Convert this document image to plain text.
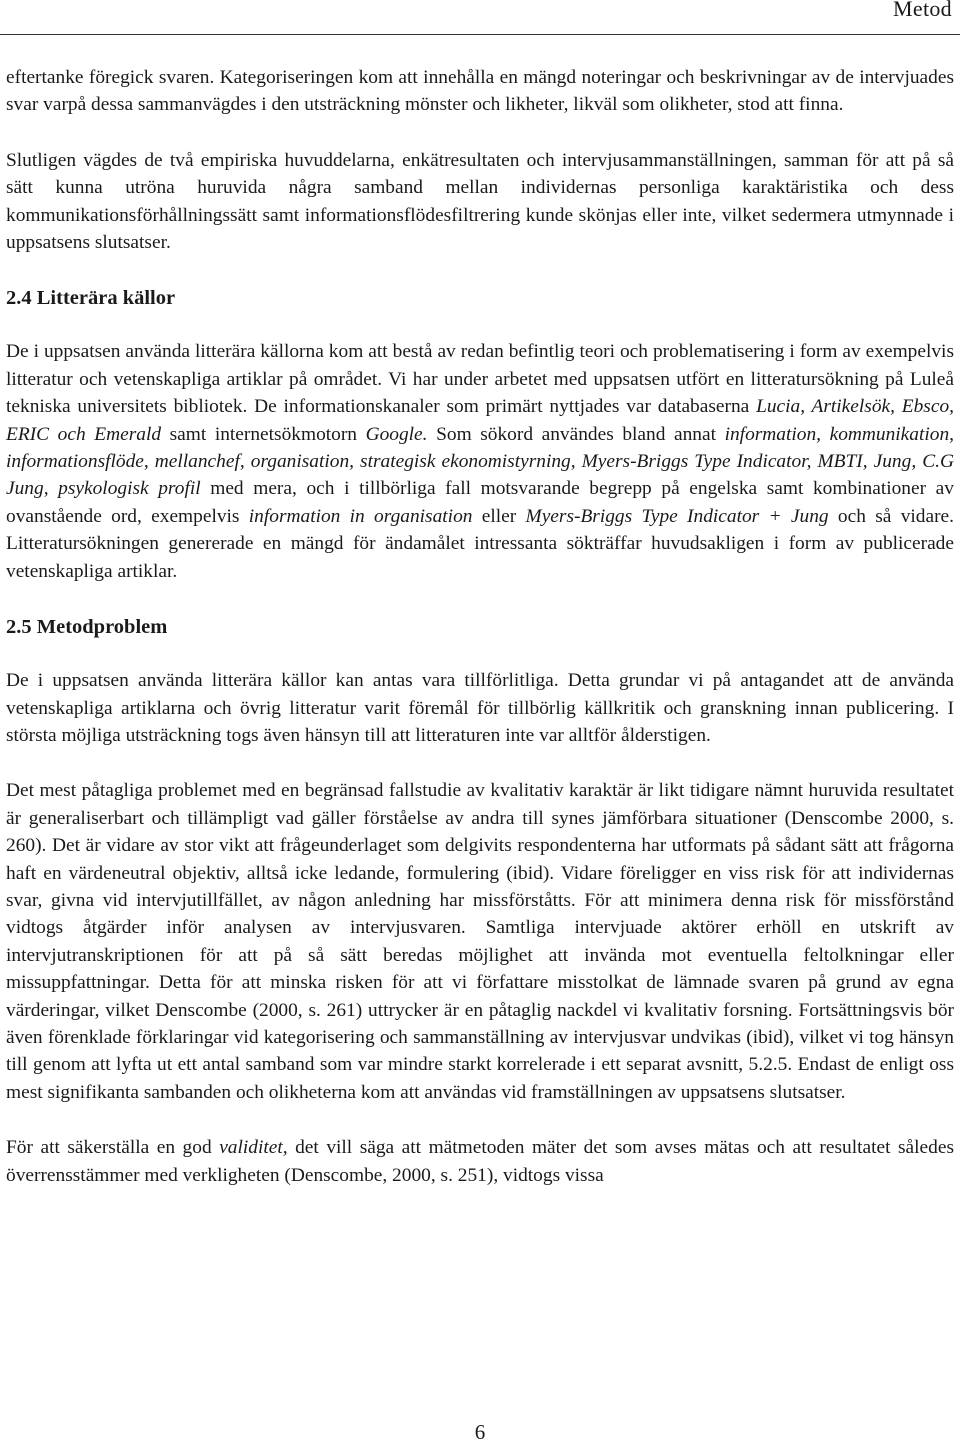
Metod

eftertanke föregick svaren. Kategoriseringen kom att innehålla en mängd noteringar och beskrivningar av de intervjuades svar varpå dessa sammanvägdes i den utsträckning mönster och likheter, likväl som olikheter, stod att finna.

Slutligen vägdes de två empiriska huvuddelarna, enkätresultaten och intervjusammanställningen, samman för att på så sätt kunna utröna huruvida några samband mellan individernas personliga karaktäristika och dess kommunikationsförhållningssätt samt informationsflödesfiltrering kunde skönjas eller inte, vilket sedermera utmynnade i uppsatsens slutsatser.

2.4 Litterära källor

De i uppsatsen använda litterära källorna kom att bestå av redan befintlig teori och problematisering i form av exempelvis litteratur och vetenskapliga artiklar på området. Vi har under arbetet med uppsatsen utfört en litteratursökning på Luleå tekniska universitets bibliotek. De informationskanaler som primärt nyttjades var databaserna Lucia, Artikelsök, Ebsco, ERIC och Emerald samt internetsökmotorn Google. Som sökord användes bland annat information, kommunikation, informationsflöde, mellanchef, organisation, strategisk ekonomistyrning, Myers-Briggs Type Indicator, MBTI, Jung, C.G Jung, psykologisk profil med mera, och i tillbörliga fall motsvarande begrepp på engelska samt kombinationer av ovanstående ord, exempelvis information in organisation eller Myers-Briggs Type Indicator + Jung och så vidare. Litteratursökningen genererade en mängd för ändamålet intressanta sökträffar huvudsakligen i form av publicerade vetenskapliga artiklar.

2.5 Metodproblem

De i uppsatsen använda litterära källor kan antas vara tillförlitliga. Detta grundar vi på antagandet att de använda vetenskapliga artiklarna och övrig litteratur varit föremål för tillbörlig källkritik och granskning innan publicering. I största möjliga utsträckning togs även hänsyn till att litteraturen inte var alltför ålderstigen.

Det mest påtagliga problemet med en begränsad fallstudie av kvalitativ karaktär är likt tidigare nämnt huruvida resultatet är generaliserbart och tillämpligt vad gäller förståelse av andra till synes jämförbara situationer (Denscombe 2000, s. 260). Det är vidare av stor vikt att frågeunderlaget som delgivits respondenterna har utformats på sådant sätt att frågorna haft en värdeneutral objektiv, alltså icke ledande, formulering (ibid). Vidare föreligger en viss risk för att individernas svar, givna vid intervjutillfället, av någon anledning har missförståtts. För att minimera denna risk för missförstånd vidtogs åtgärder inför analysen av intervjusvaren. Samtliga intervjuade aktörer erhöll en utskrift av intervjutranskriptionen för att på så sätt beredas möjlighet att invända mot eventuella feltolkningar eller missuppfattningar. Detta för att minska risken för att vi författare misstolkat de lämnade svaren på grund av egna värderingar, vilket Denscombe (2000, s. 261) uttrycker är en påtaglig nackdel vi kvalitativ forsning. Fortsättningsvis bör även förenklade förklaringar vid kategorisering och sammanställning av intervjusvar undvikas (ibid), vilket vi tog hänsyn till genom att lyfta ut ett antal samband som var mindre starkt korrelerade i ett separat avsnitt, 5.2.5. Endast de enligt oss mest signifikanta sambanden och olikheterna kom att användas vid framställningen av uppsatsens slutsatser.

För att säkerställa en god validitet, det vill säga att mätmetoden mäter det som avses mätas och att resultatet således överrensstämmer med verkligheten (Denscombe, 2000, s. 251), vidtogs vissa

6
